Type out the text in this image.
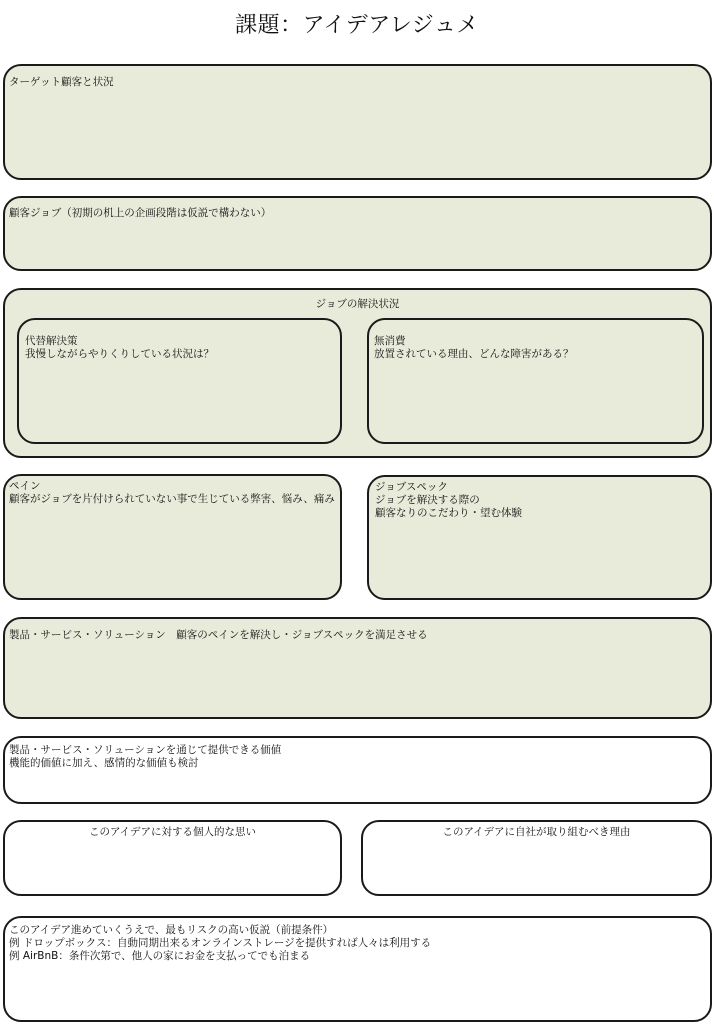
課題：アイデアレジュメ
ターゲット顧客と状況
顧客ジョブ（初期の机上の企画段階は仮説で構わない）
ジョブの解決状況
代替解決策
我慢しながらやりくりしている状況は？
無消費
放置されている理由、どんな障害がある？
ペイン
顧客がジョブを片付けられていない事で生じている弊害、悩み、痛み
ジョブスペック
ジョブを解決する際の
顧客なりのこだわり・望む体験
製品・サービス・ソリューション　顧客のペインを解決し・ジョブスペックを満足させる
製品・サービス・ソリューションを通じて提供できる価値
機能的価値に加え、感情的な価値も検討
このアイデアに対する個人的な思い	このアイデアに自社が取り組むべき理由
このアイデア進めていくうえで、最もリスクの高い仮説（前提条件）
例 ドロップボックス：自動同期出来るオンラインストレージを提供すれば人々は利用する
例 AirBnB：条件次第で、他人の家にお金を支払ってでも泊まる
